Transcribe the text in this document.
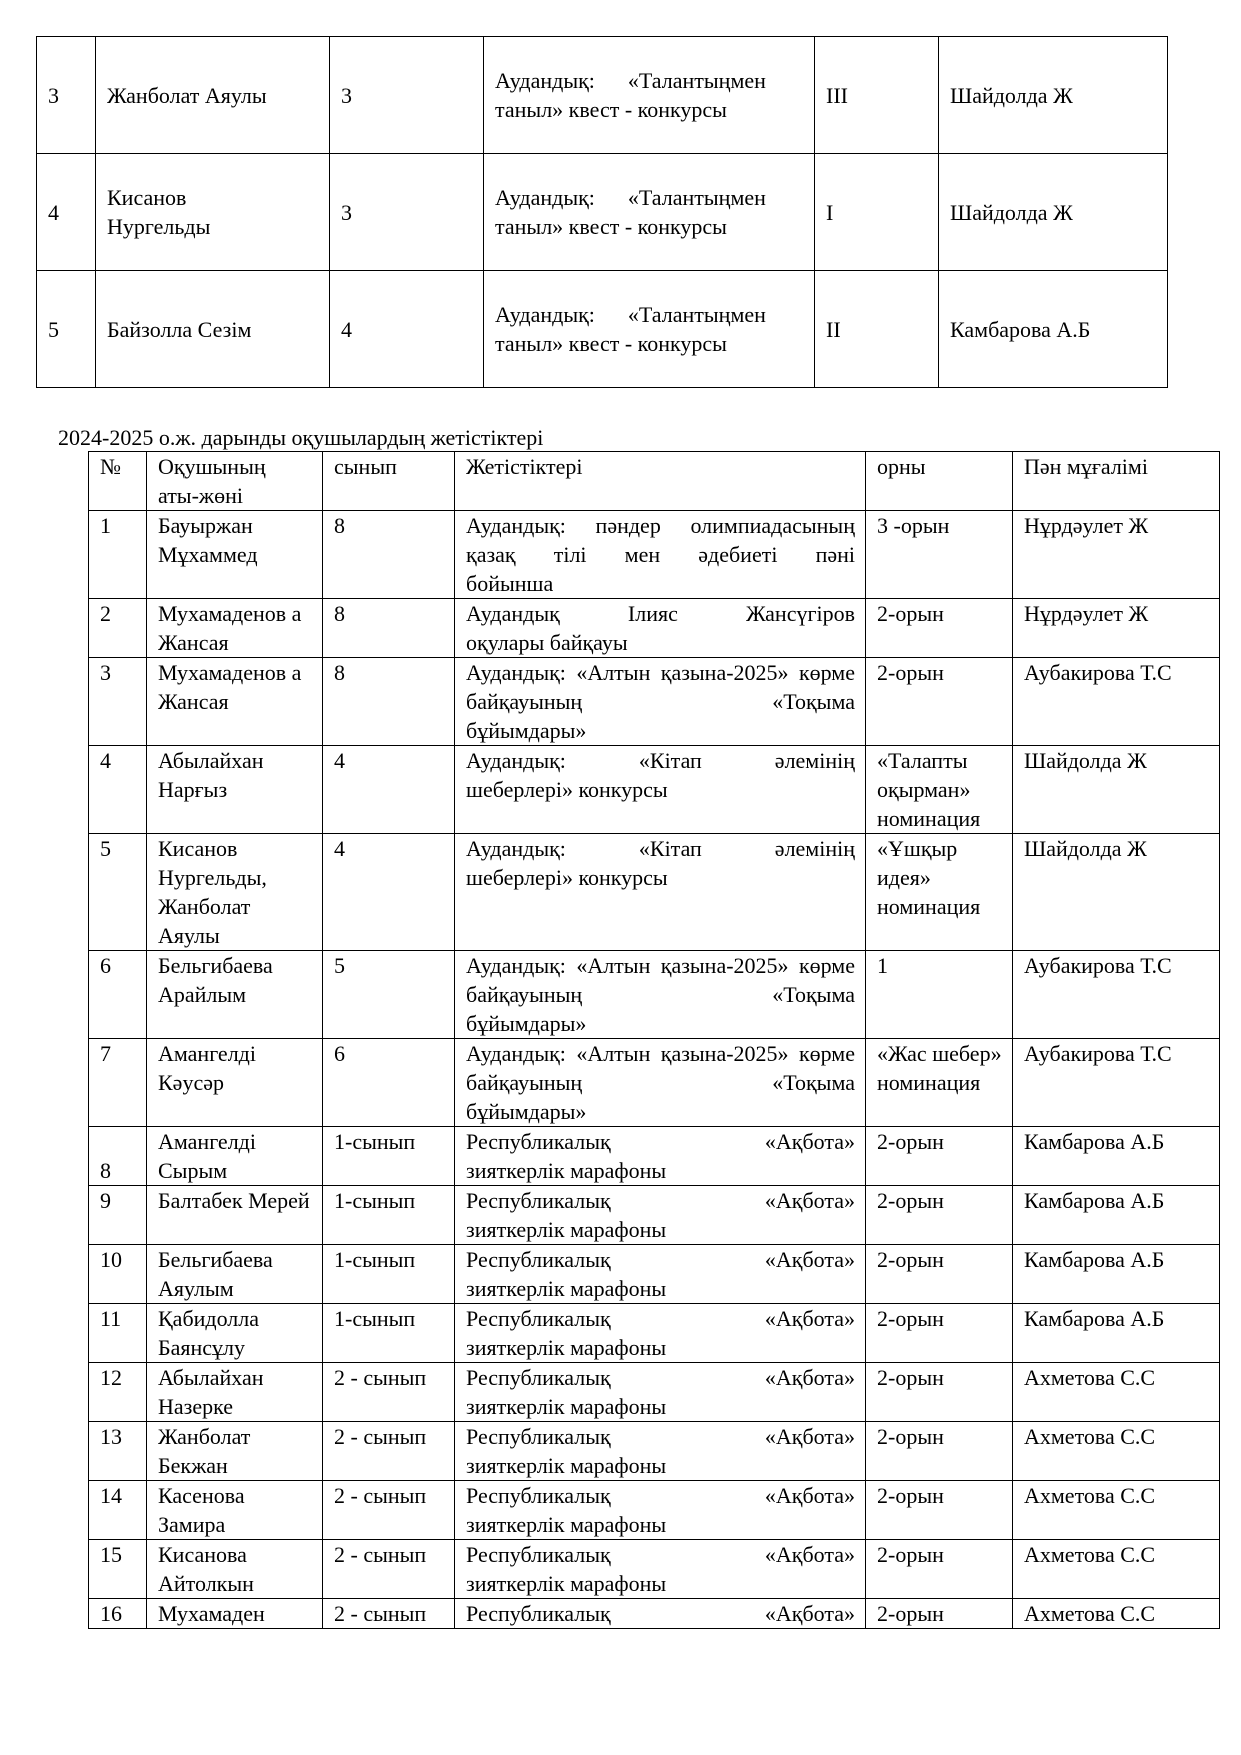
3	Жанболат Аяулы	3	Аудандық:      «Талантыңмен
таныл» квест - конкурсы	III	Шайдолда Ж
4	Кисанов Нургельды	3	Аудандық:      «Талантыңмен
таныл» квест - конкурсы	I	Шайдолда Ж
5	Байзолла Сезім	4	Аудандық:      «Талантыңмен
таныл» квест - конкурсы	II	Камбарова А.Б
2024-2025 о.ж. дарынды оқушылардың жетістіктері
№	Оқушының аты-жөні	сынып	Жетістіктері	орны	Пән мұғалімі
1	Бауыржан Мұхаммед	8	Аудандық: пәндер олимпиадасының қазақ тілі мен әдебиеті пәні
бойынша	3 -орын	Нұрдәулет Ж
2	Мухамаденов а Жансая	8	Аудандық Ілияс Жансүгіров
оқулары байқауы	2-орын	Нұрдәулет Ж
3	Мухамаденов а Жансая	8	Аудандық: «Алтын қазына-2025» көрме байқауының «Тоқыма
бұйымдары»	2-орын	Аубакирова Т.С
4	Абылайхан Нарғыз	4	Аудандық: «Кітап әлемінің
шеберлері» конкурсы	«Талапты оқырман» номинация	Шайдолда Ж
5	Кисанов Нургельды, Жанболат Аяулы	4	Аудандық: «Кітап әлемінің
шеберлері» конкурсы	«Ұшқыр идея» номинация	Шайдолда Ж
6	Бельгибаева Арайлым	5	Аудандық: «Алтын қазына-2025» көрме байқауының «Тоқыма
бұйымдары»	1	Аубакирова Т.С
7	Амангелді Кәусәр	6	Аудандық: «Алтын қазына-2025» көрме байқауының «Тоқыма
бұйымдары»	«Жас шебер» номинация	Аубакирова Т.С
8	Амангелді Сырым	1-сынып	Республикалық «Ақбота»
зияткерлік марафоны	2-орын	Камбарова А.Б
9	Балтабек Мерей	1-сынып	Республикалық «Ақбота»
зияткерлік марафоны	2-орын	Камбарова А.Б
10	Бельгибаева Аяулым	1-сынып	Республикалық «Ақбота»
зияткерлік марафоны	2-орын	Камбарова А.Б
11	Қабидолла Баянсұлу	1-сынып	Республикалық «Ақбота»
зияткерлік марафоны	2-орын	Камбарова А.Б
12	Абылайхан Назерке	2 - сынып	Республикалық «Ақбота»
зияткерлік марафоны	2-орын	Ахметова С.С
13	Жанболат Бекжан	2 - сынып	Республикалық «Ақбота»
зияткерлік марафоны	2-орын	Ахметова С.С
14	Касенова Замира	2 - сынып	Республикалық «Ақбота»
зияткерлік марафоны	2-орын	Ахметова С.С
15	Кисанова Айтолкын	2 - сынып	Республикалық «Ақбота»
зияткерлік марафоны	2-орын	Ахметова С.С
16	Мухамаден	2 - сынып	Республикалық «Ақбота»	2-орын	Ахметова С.С
